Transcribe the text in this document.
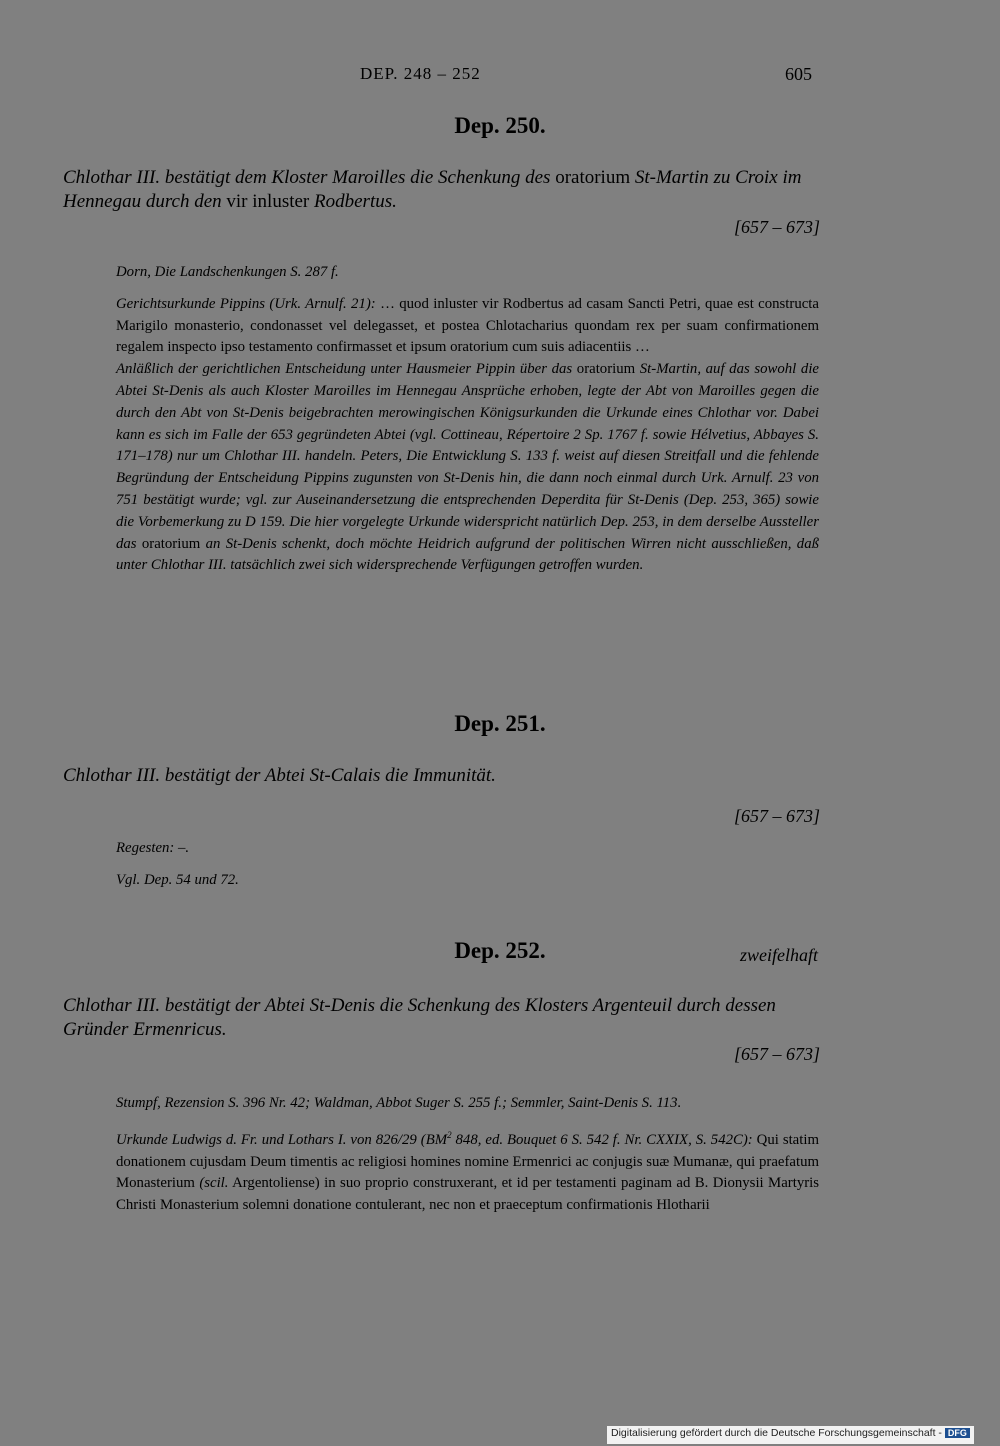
DEP. 248 – 252	605
Dep. 250.
Chlothar III. bestätigt dem Kloster Maroilles die Schenkung des oratorium St-Martin zu Croix im Hennegau durch den vir inluster Rodbertus.
[657 – 673]

Dorn, Die Landschenkungen S. 287 f.

Gerichtsurkunde Pippins (Urk. Arnulf. 21): … quod inluster vir Rodbertus ad casam Sancti Petri, quae est constructa Marigilo monasterio, condonasset vel delegasset, et postea Chlotacharius quondam rex per suam confirmationem regalem inspecto ipso testamento confirmasset et ipsum oratorium cum suis adiacentiis …

Anläßlich der gerichtlichen Entscheidung unter Hausmeier Pippin über das oratorium St-Martin, auf das sowohl die Abtei St-Denis als auch Kloster Maroilles im Hennegau Ansprüche erhoben, legte der Abt von Maroilles gegen die durch den Abt von St-Denis beigebrachten merowingischen Königsurkunden die Urkunde eines Chlothar vor. Dabei kann es sich im Falle der 653 gegründeten Abtei (vgl. Cottineau, Répertoire 2 Sp. 1767 f. sowie Hélvetius, Abbayes S. 171–178) nur um Chlothar III. handeln. Peters, Die Entwicklung S. 133 f. weist auf diesen Streitfall und die fehlende Begründung der Entscheidung Pippins zugunsten von St-Denis hin, die dann noch einmal durch Urk. Arnulf. 23 von 751 bestätigt wurde; vgl. zur Auseinandersetzung die entsprechenden Deperdita für St-Denis (Dep. 253, 365) sowie die Vorbemerkung zu D 159. Die hier vorgelegte Urkunde widerspricht natürlich Dep. 253, in dem derselbe Aussteller das oratorium an St-Denis schenkt, doch möchte Heidrich aufgrund der politischen Wirren nicht ausschließen, daß unter Chlothar III. tatsächlich zwei sich widersprechende Verfügungen getroffen wurden.

Dep. 251.
Chlothar III. bestätigt der Abtei St-Calais die Immunität.
[657 – 673]

Regesten: –.

Vgl. Dep. 54 und 72.

Dep. 252.	zweifelhaft
Chlothar III. bestätigt der Abtei St-Denis die Schenkung des Klosters Argenteuil durch dessen Gründer Ermenricus.
[657 – 673]

Stumpf, Rezension S. 396 Nr. 42; Waldman, Abbot Suger S. 255 f.; Semmler, Saint-Denis S. 113.

Urkunde Ludwigs d. Fr. und Lothars I. von 826/29 ($BM^2$ 848, ed. Bouquet 6 S. 542 f. Nr. CXXIX, S. 542C): Qui statim donationem cujusdam Deum timentis ac religiosi homines nomine Ermenrici ac conjugis suæ Mumanæ, qui praefatum Monasterium (scil. Argentoliense) in suo proprio construxerant, et id per testamenti paginam ad B. Dionysii Martyris Christi Monasterium solemni donatione contulerant, nec non et praeceptum confirmationis Hlotharii

Digitalisierung gefördert durch die Deutsche Forschungsgemeinschaft - DFG
